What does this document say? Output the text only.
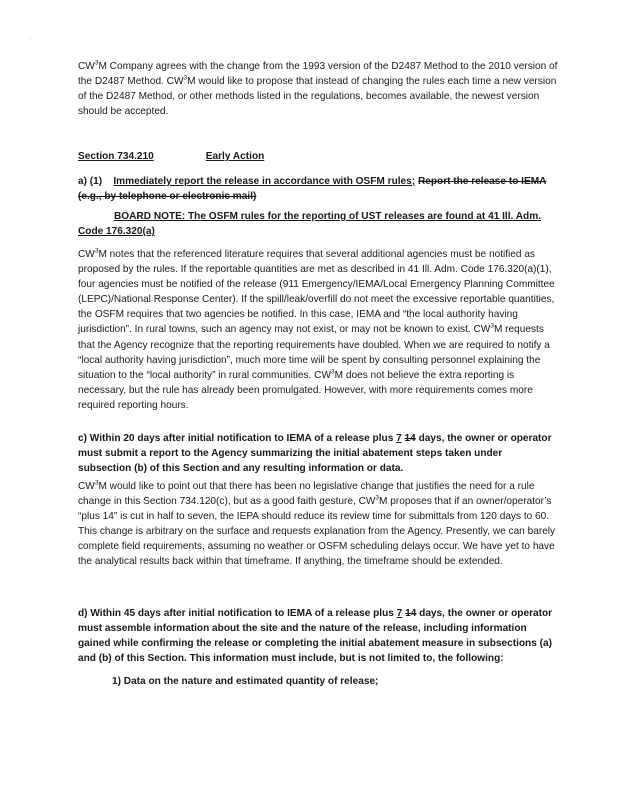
·

$CW^3M$ Company agrees with the change from the 1993 version of the D2487 Method to the 2010 version of the D2487 Method. $CW^3M$ would like to propose that instead of changing the rules each time a new version of the D2487 Method, or other methods listed in the regulations, becomes available, the newest version should be accepted.

Section 734.210	Early Action

a) (1) Immediately report the release in accordance with OSFM rules; Report the release to IEMA (e.g., by telephone or electronic mail)

BOARD NOTE: The OSFM rules for the reporting of UST releases are found at 41 Ill. Adm. Code 176.320(a)

$CW^3M$ notes that the referenced literature requires that several additional agencies must be notified as proposed by the rules. If the reportable quantities are met as described in 41 Ill. Adm. Code 176.320(a)(1), four agencies must be notified of the release (911 Emergency/IEMA/Local Emergency Planning Committee (LEPC)/National Response Center). If the spill/leak/overfill do not meet the excessive reportable quantities, the OSFM requires that two agencies be notified. In this case, IEMA and “the local authority having jurisdiction”. In rural towns, such an agency may not exist, or may not be known to exist. $CW^3M$ requests that the Agency recognize that the reporting requirements have doubled. When we are required to notify a “local authority having jurisdiction”, much more time will be spent by consulting personnel explaining the situation to the “local authority” in rural communities. $CW^3M$ does not believe the extra reporting is necessary, but the rule has already been promulgated. However, with more requirements comes more required reporting hours.

c) Within 20 days after initial notification to IEMA of a release plus 7 14 days, the owner or operator must submit a report to the Agency summarizing the initial abatement steps taken under subsection (b) of this Section and any resulting information or data.

$CW^3M$ would like to point out that there has been no legislative change that justifies the need for a rule change in this Section 734.120(c), but as a good faith gesture, $CW^3M$ proposes that if an owner/operator’s “plus 14” is cut in half to seven, the IEPA should reduce its review time for submittals from 120 days to 60. This change is arbitrary on the surface and requests explanation from the Agency. Presently, we can barely complete field requirements, assuming no weather or OSFM scheduling delays occur. We have yet to have the analytical results back within that timeframe. If anything, the timeframe should be extended.

d) Within 45 days after initial notification to IEMA of a release plus 7 14 days, the owner or operator must assemble information about the site and the nature of the release, including information gained while confirming the release or completing the initial abatement measure in subsections (a) and (b) of this Section. This information must include, but is not limited to, the following:

1) Data on the nature and estimated quantity of release;
